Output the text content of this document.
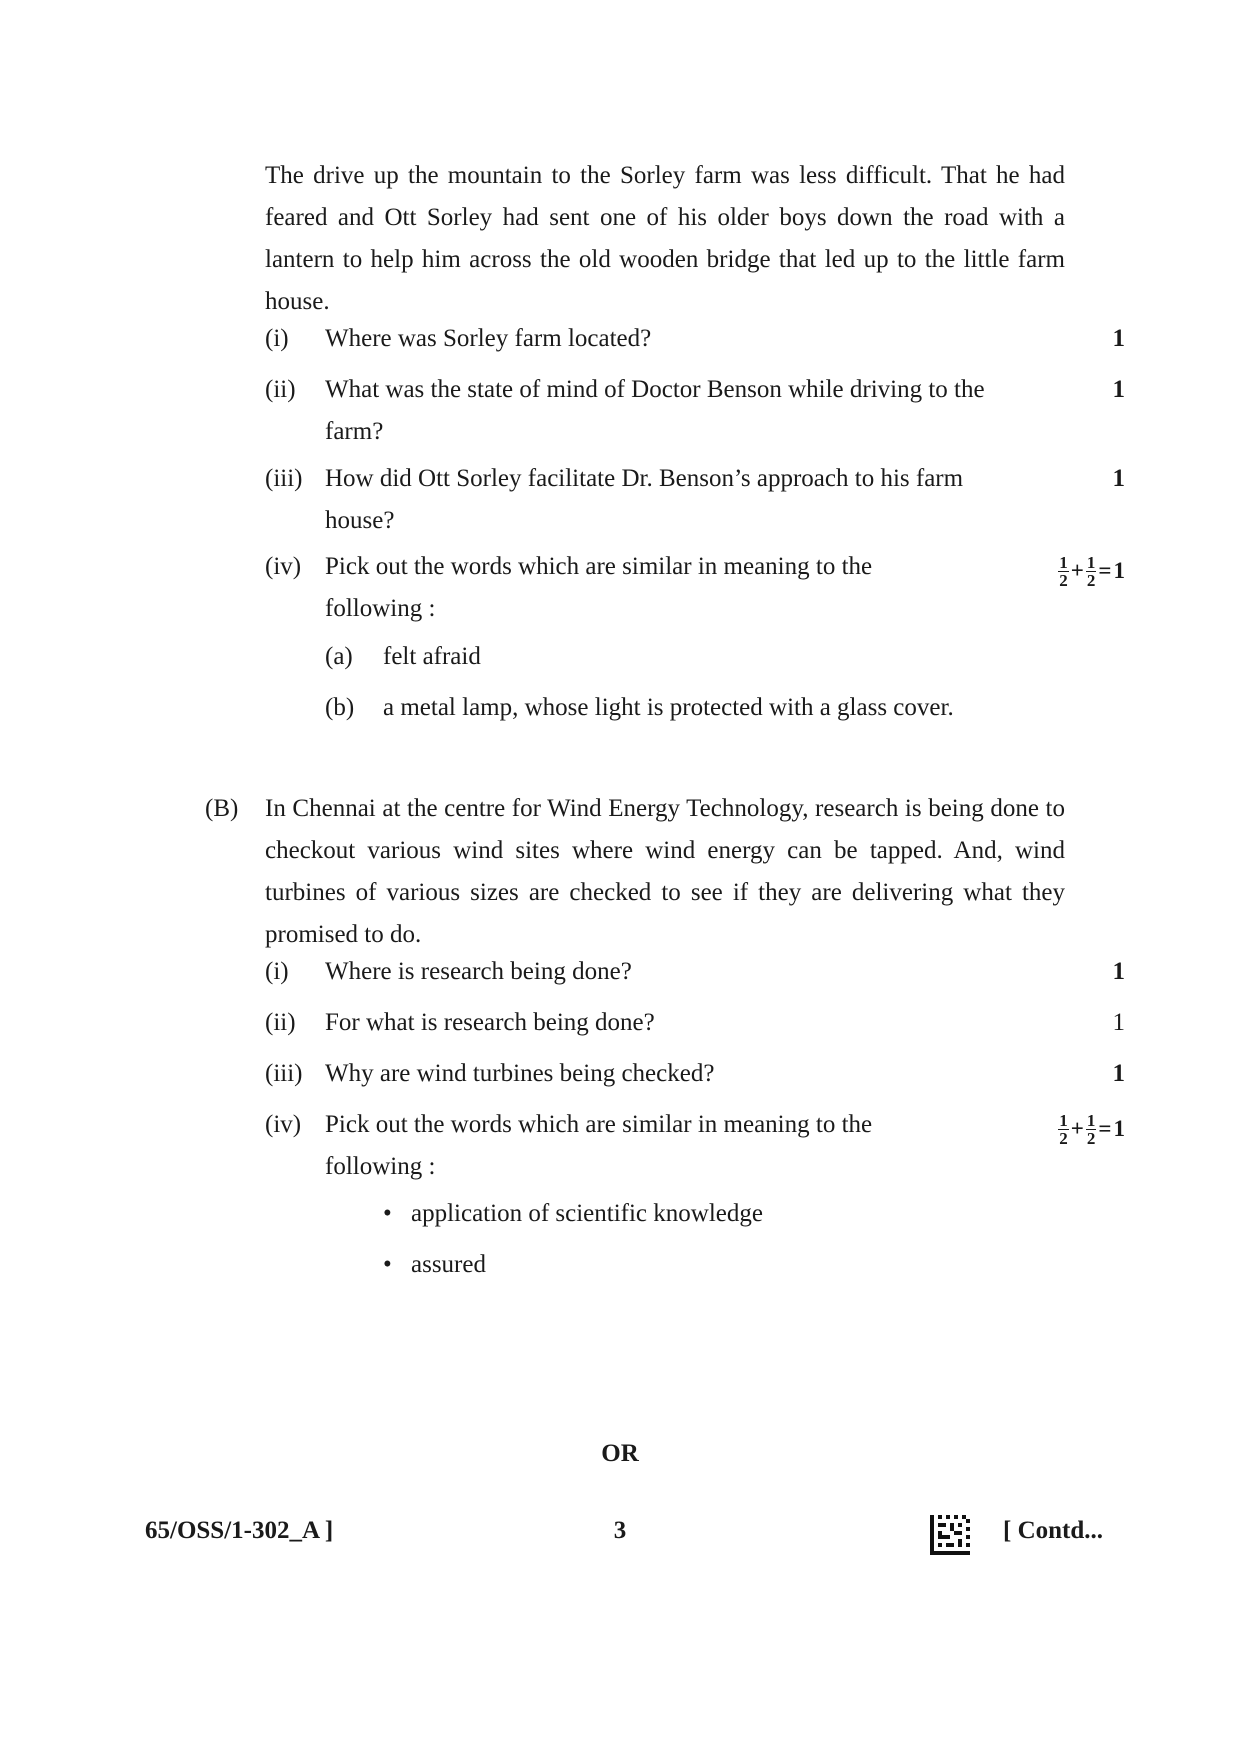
The drive up the mountain to the Sorley farm was less difficult. That he had feared and Ott Sorley had sent one of his older boys down the road with a lantern to help him across the old wooden bridge that led up to the little farm house.
(i) Where was Sorley farm located?	1
(ii) What was the state of mind of Doctor Benson while driving to the farm?
1
(iii) How did Ott Sorley facilitate Dr. Benson’s approach to his farm house?
1
(iv) Pick out the words which are similar in meaning to the following :
$\frac{1}{2} + \frac{1}{2} = 1$
(a) felt afraid
(b) a metal lamp, whose light is protected with a glass cover.
(B) In Chennai at the centre for Wind Energy Technology, research is being done to checkout various wind sites where wind energy can be tapped. And, wind turbines of various sizes are checked to see if they are delivering what they promised to do.
(i) Where is research being done?	1
(ii) For what is research being done?	1
(iii) Why are wind turbines being checked?	1
(iv) Pick out the words which are similar in meaning to the following :
$\frac{1}{2} + \frac{1}{2} = 1$
• application of scientific knowledge
• assured
OR
65/OSS/1-302_A ]	3	[ Contd...
